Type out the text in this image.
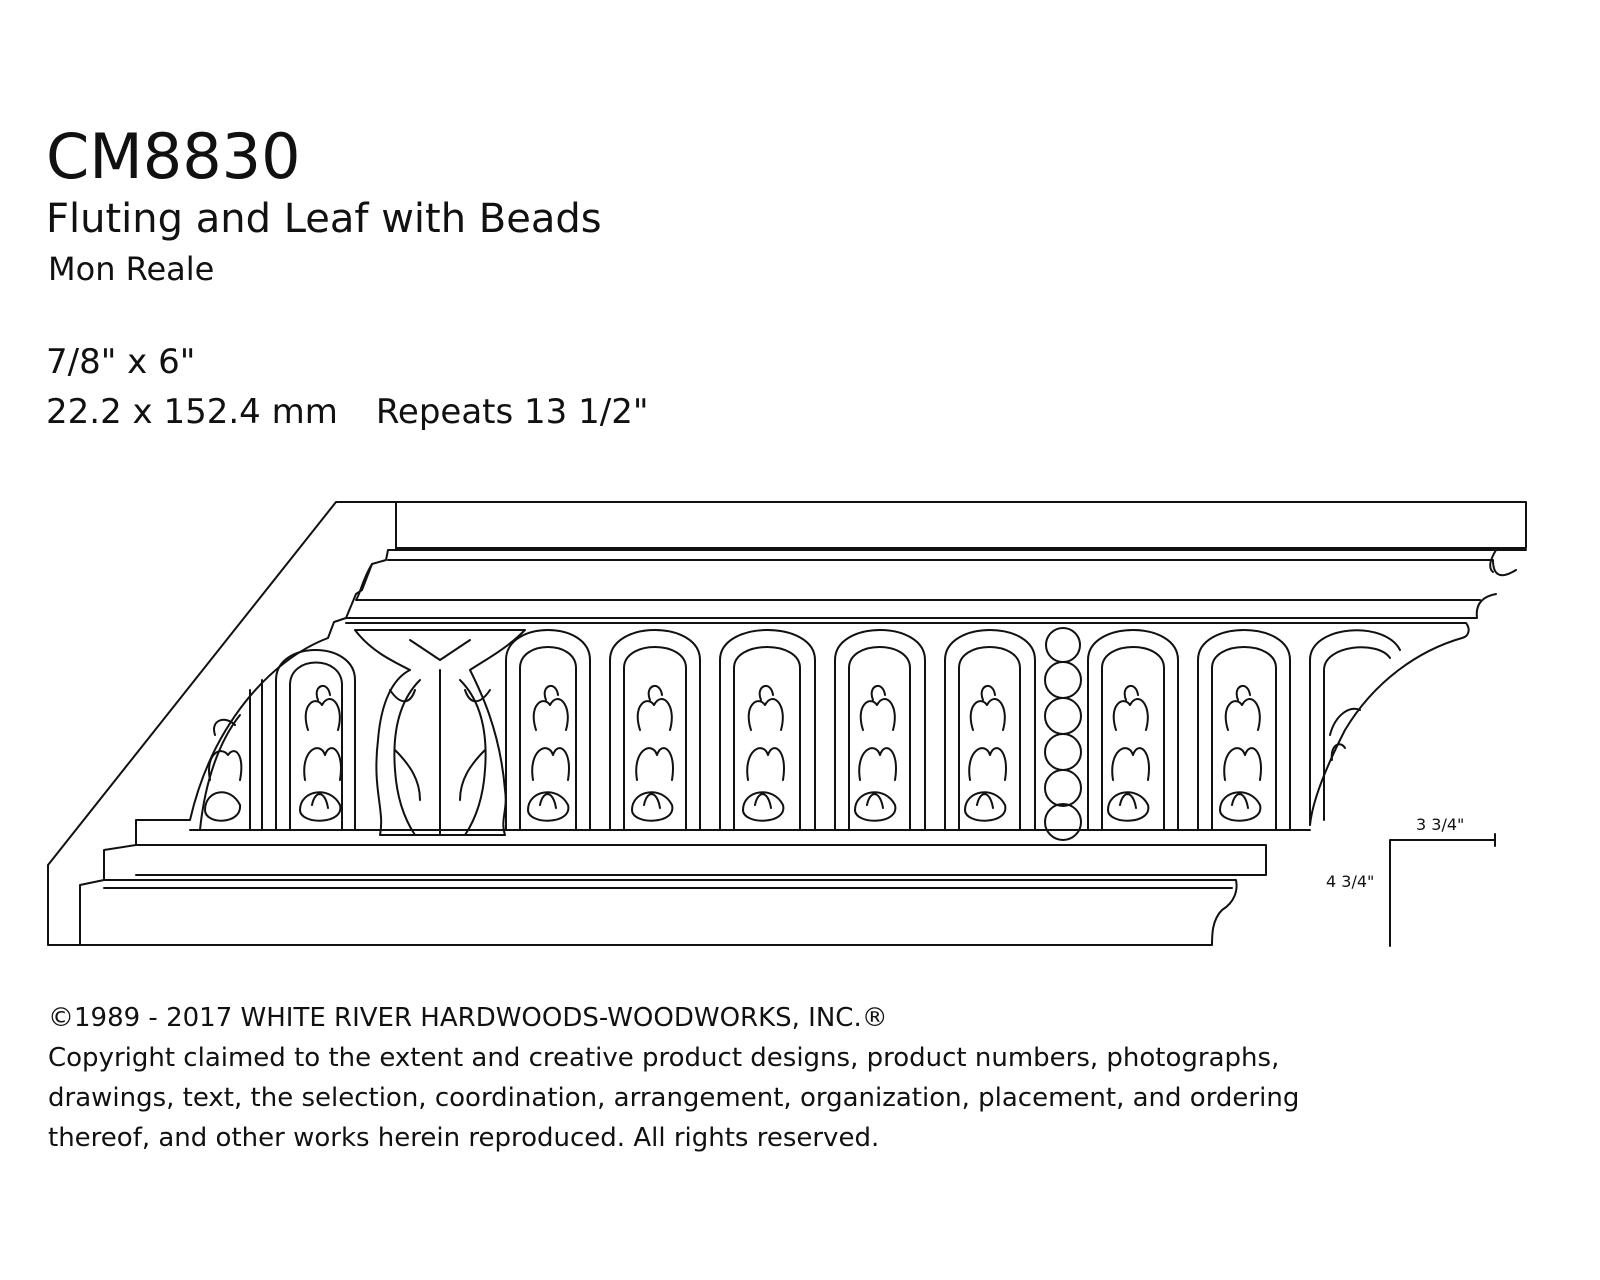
CM8830
Fluting and Leaf with Beads
Mon Reale
7/8" x 6"
22.2 x 152.4 mm Repeats 13 1/2"
3 3/4"
4 3/4"
©1989 - 2017 WHITE RIVER HARDWOODS-WOODWORKS, INC.®
Copyright claimed to the extent and creative product designs, product numbers, photographs,
drawings, text, the selection, coordination, arrangement, organization, placement, and ordering
thereof, and other works herein reproduced. All rights reserved.
